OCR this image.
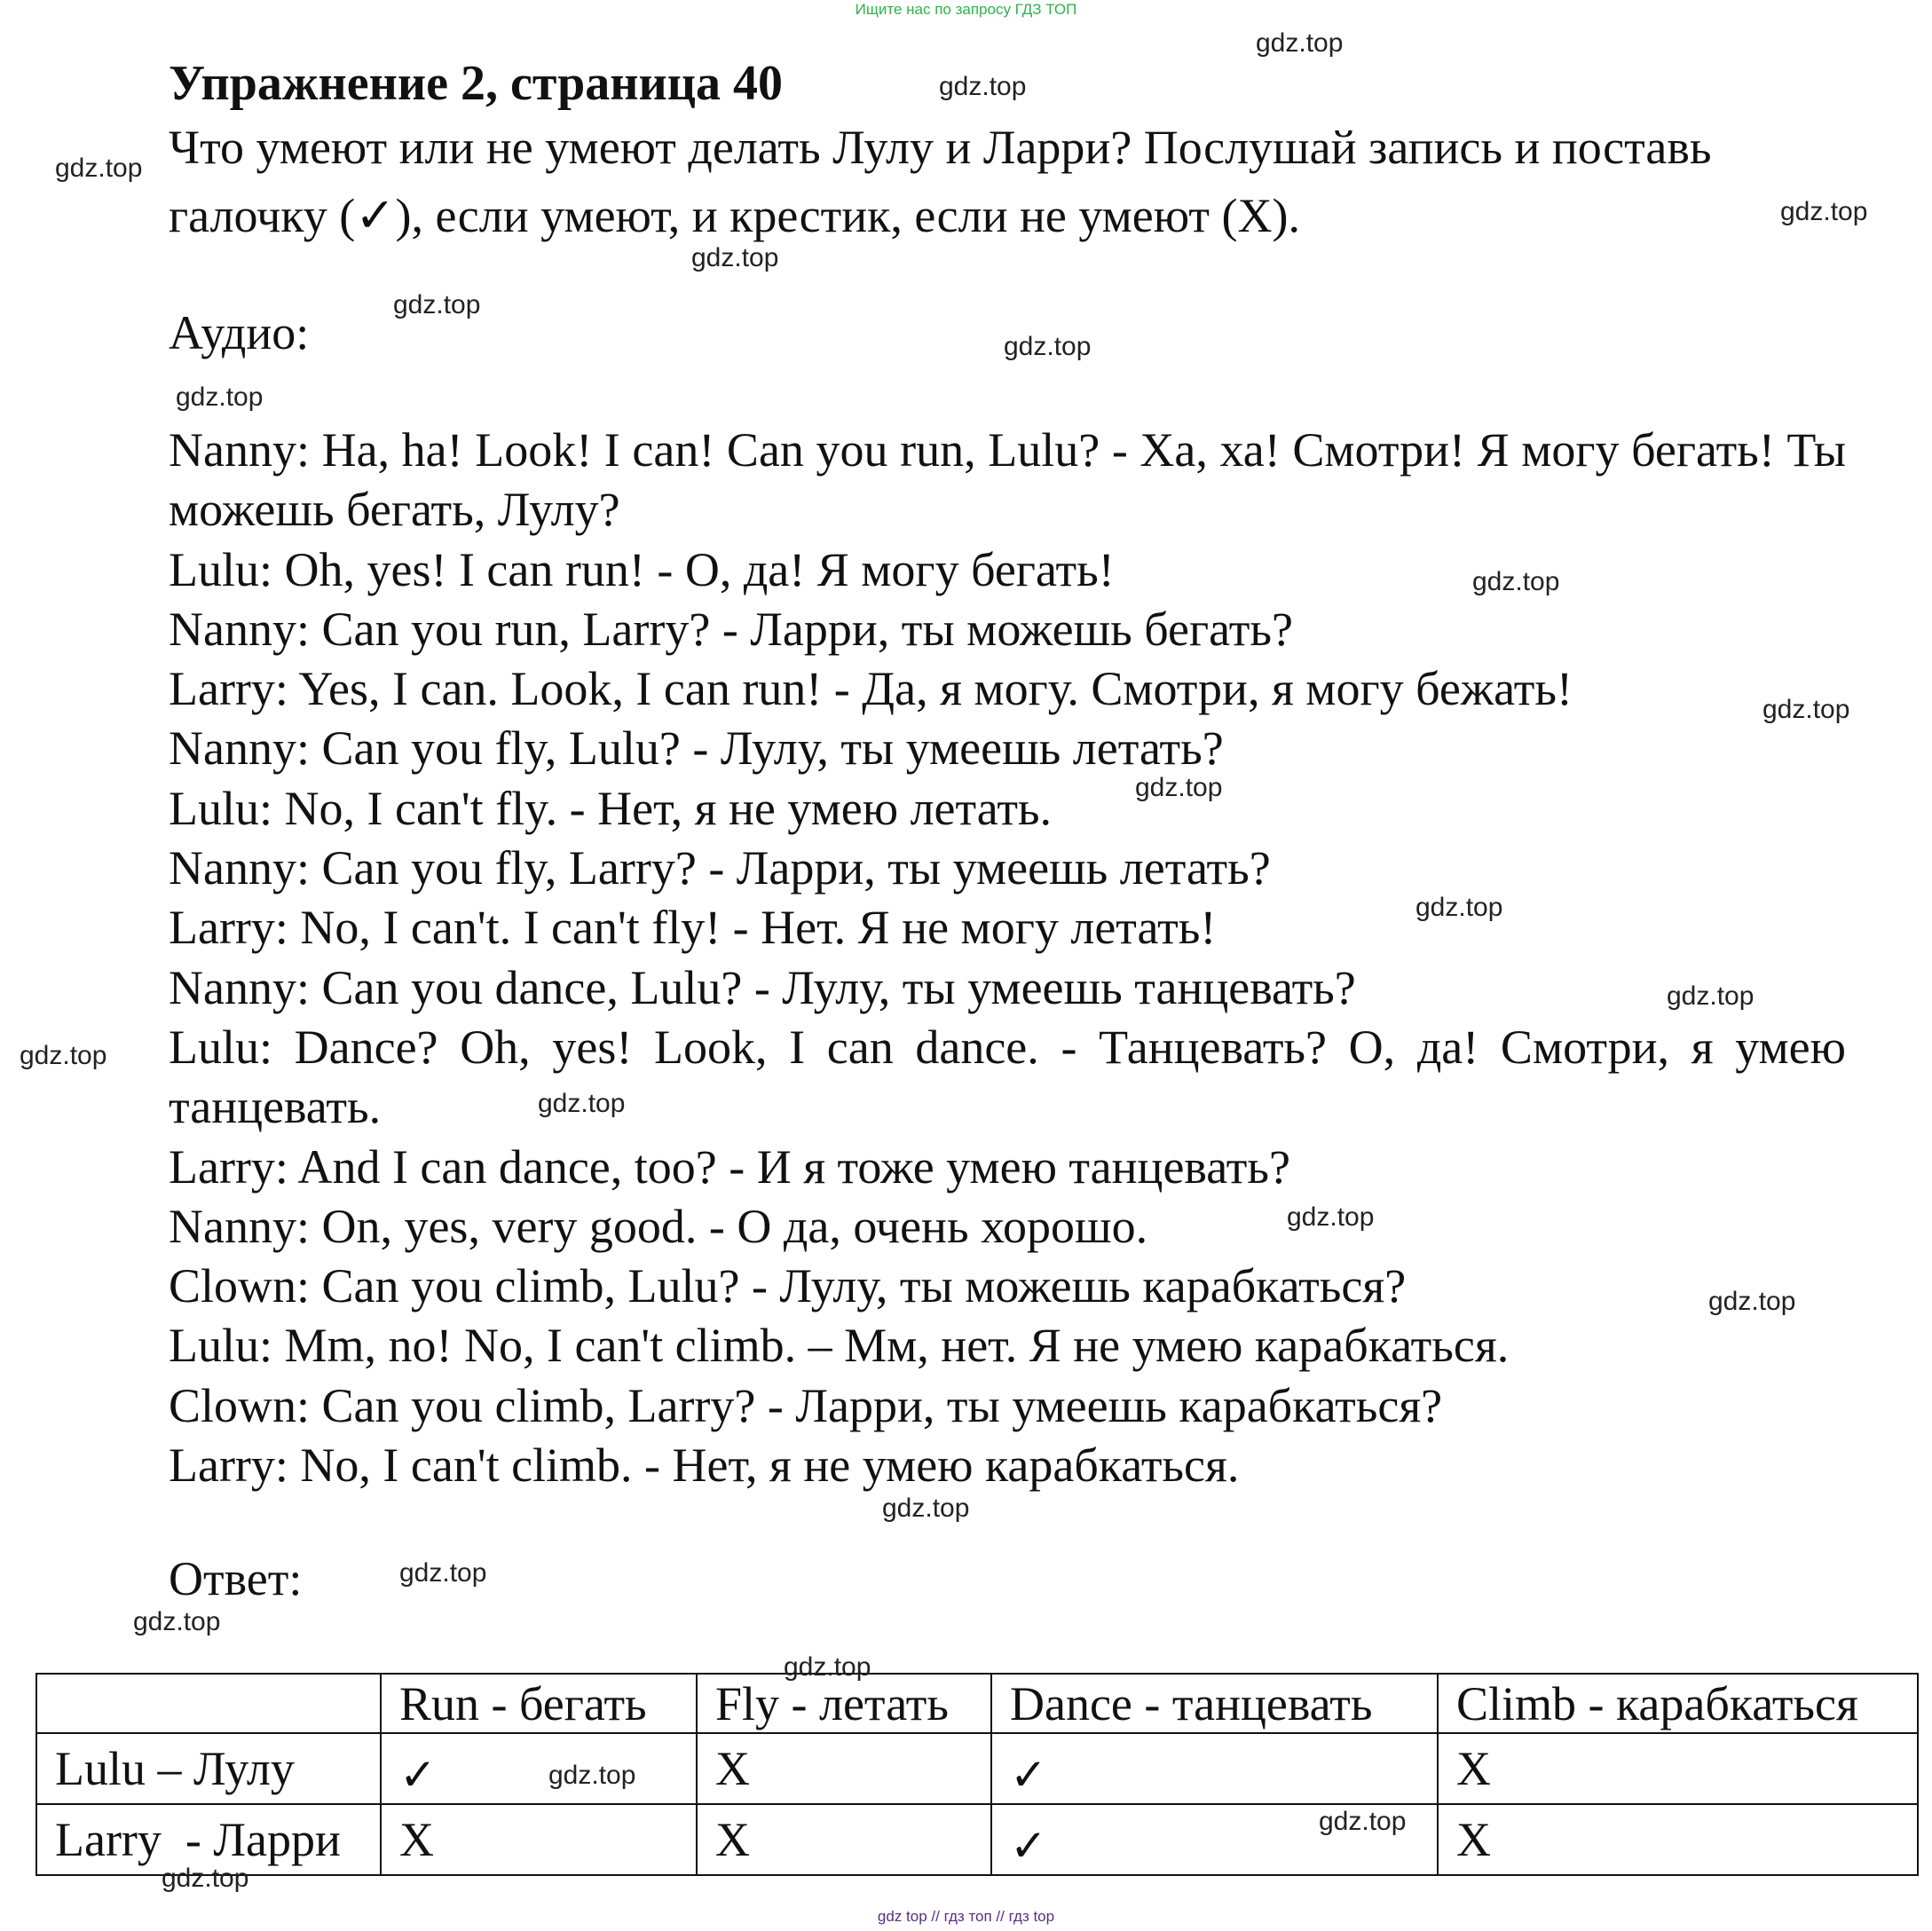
Ищите нас по запросу ГДЗ ТОП
Упражнение 2, страница 40
Что умеют или не умеют делать Лулу и Ларри? Послушай запись и поставь галочку (✓), если умеют, и крестик, если не умеют (X).
Аудио:
Nanny: Ha, ha! Look! I can! Can you run, Lulu? - Ха, ха! Смотри! Я могу бегать! Ты можешь бегать, Лулу?
Lulu: Oh, yes! I can run! - О, да! Я могу бегать!
Nanny: Can you run, Larry? - Ларри, ты можешь бегать?
Larry: Yes, I can. Look, I can run! - Да, я могу. Смотри, я могу бежать!
Nanny: Can you fly, Lulu? - Лулу, ты умеешь летать?
Lulu: No, I can't fly. - Нет, я не умею летать.
Nanny: Can you fly, Larry? - Ларри, ты умеешь летать?
Larry: No, I can't. I can't fly! - Нет. Я не могу летать!
Nanny: Can you dance, Lulu? - Лулу, ты умеешь танцевать?
Lulu: Dance? Oh, yes! Look, I can dance. - Танцевать? О, да! Смотри, я умею танцевать.
Larry: And I can dance, too? - И я тоже умею танцевать?
Nanny: On, yes, very good. - О да, очень хорошо.
Clown: Can you climb, Lulu? - Лулу, ты можешь карабкаться?
Lulu: Mm, no! No, I can't climb. – Мм, нет. Я не умею карабкаться.
Clown: Can you climb, Larry? - Ларри, ты умеешь карабкаться?
Larry: No, I can't climb. - Нет, я не умею карабкаться.
Ответ:
	Run - бегать	Fly - летать	Dance - танцевать	Climb - карабкаться
Lulu – Лулу	✓	X	✓	X
Larry  - Ларри	X	X	✓	X
gdz.top
gdz.top
gdz.top
gdz.top
gdz.top
gdz.top
gdz.top
gdz.top
gdz.top
gdz.top
gdz.top
gdz.top
gdz.top
gdz.top
gdz.top
gdz.top
gdz.top
gdz.top
gdz.top
gdz.top
gdz.top
gdz.top
gdz.top
gdz.top
gdz top // гдз топ // гдз top
